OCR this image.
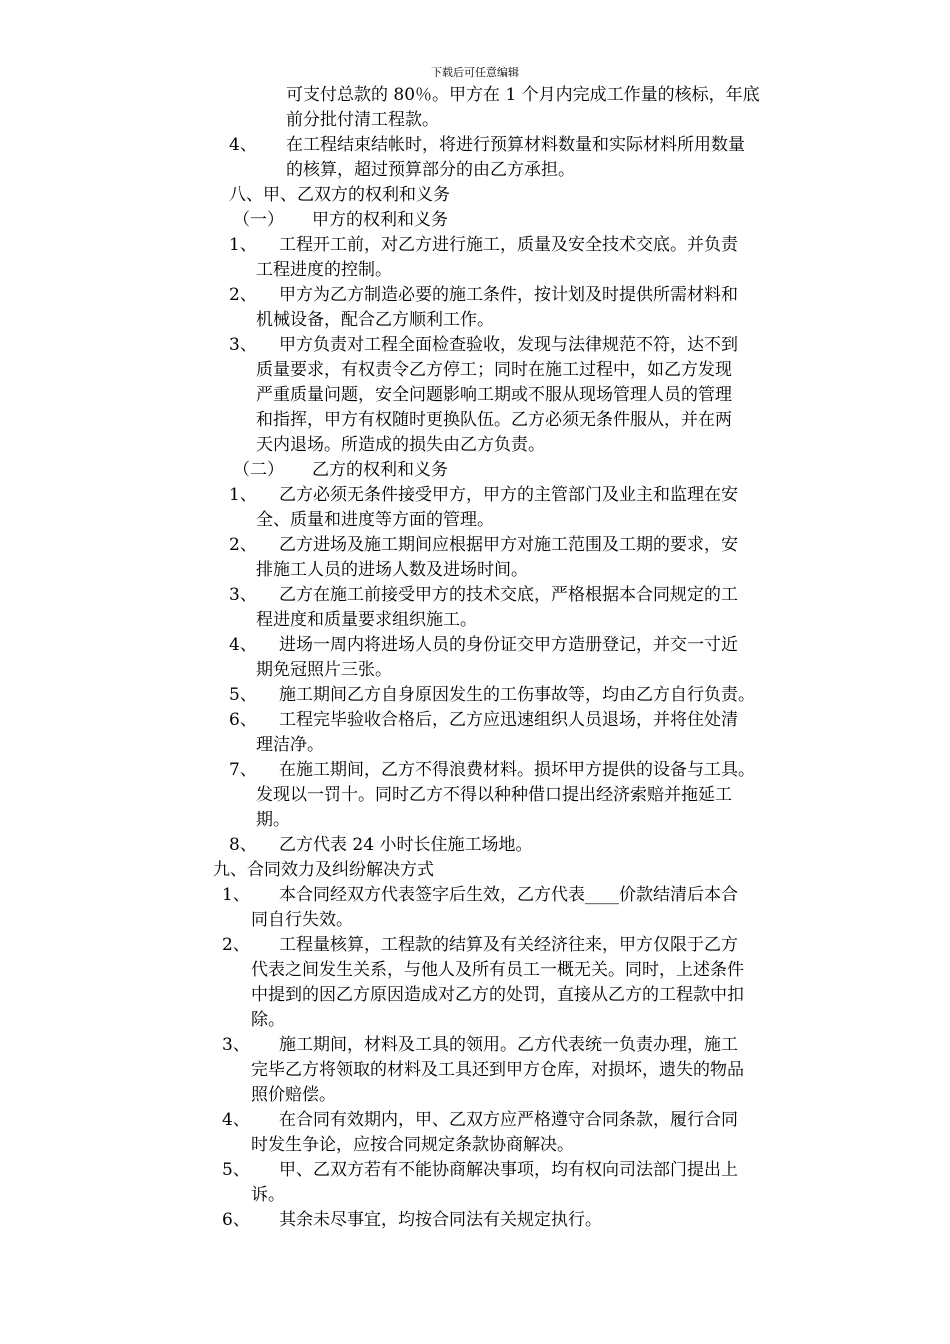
下载后可任意编辑
可支付总款的 80％。甲方在 1 个月内完成工作量的核标，年底
前分批付清工程款。
4、 在工程结束结帐时，将进行预算材料数量和实际材料所用数量
的核算，超过预算部分的由乙方承担。
八、甲、乙双方的权利和义务
（一） 甲方的权利和义务
1、 工程开工前，对乙方进行施工，质量及安全技术交底。并负责
工程进度的控制。
2、 甲方为乙方制造必要的施工条件，按计划及时提供所需材料和
机械设备，配合乙方顺利工作。
3、 甲方负责对工程全面检查验收，发现与法律规范不符，达不到
质量要求，有权责令乙方停工；同时在施工过程中，如乙方发现
严重质量问题，安全问题影响工期或不服从现场管理人员的管理
和指挥，甲方有权随时更换队伍。乙方必须无条件服从，并在两
天内退场。所造成的损失由乙方负责。
（二） 乙方的权利和义务
1、 乙方必须无条件接受甲方，甲方的主管部门及业主和监理在安
全、质量和进度等方面的管理。
2、 乙方进场及施工期间应根据甲方对施工范围及工期的要求，安
排施工人员的进场人数及进场时间。
3、 乙方在施工前接受甲方的技术交底，严格根据本合同规定的工
程进度和质量要求组织施工。
4、 进场一周内将进场人员的身份证交甲方造册登记，并交一寸近
期免冠照片三张。
5、 施工期间乙方自身原因发生的工伤事故等，均由乙方自行负责。
6、 工程完毕验收合格后，乙方应迅速组织人员退场，并将住处清
理洁净。
7、 在施工期间，乙方不得浪费材料。损坏甲方提供的设备与工具。
发现以一罚十。同时乙方不得以种种借口提出经济索赔并拖延工
期。
8、 乙方代表 24 小时长住施工场地。
九、合同效力及纠纷解决方式
1、 本合同经双方代表签字后生效，乙方代表____价款结清后本合
同自行失效。
2、 工程量核算，工程款的结算及有关经济往来，甲方仅限于乙方
代表之间发生关系，与他人及所有员工一概无关。同时，上述条件
中提到的因乙方原因造成对乙方的处罚，直接从乙方的工程款中扣
除。
3、 施工期间，材料及工具的领用。乙方代表统一负责办理，施工
完毕乙方将领取的材料及工具还到甲方仓库，对损坏，遗失的物品
照价赔偿。
4、 在合同有效期内，甲、乙双方应严格遵守合同条款，履行合同
时发生争论，应按合同规定条款协商解决。
5、 甲、乙双方若有不能协商解决事项，均有权向司法部门提出上
诉。
6、 其余未尽事宜，均按合同法有关规定执行。
